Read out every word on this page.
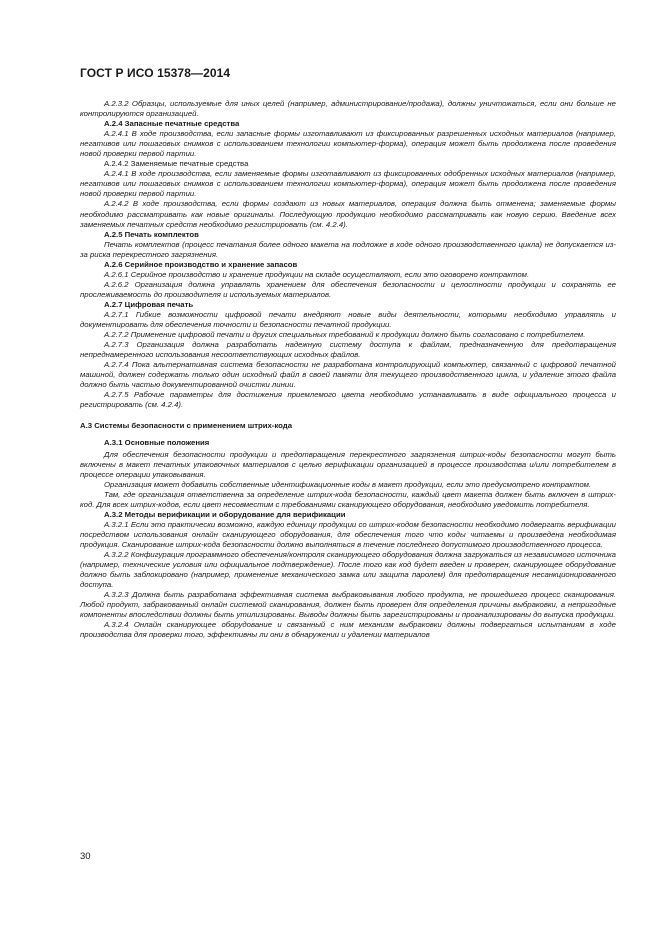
ГОСТ Р ИСО 15378—2014

А.2.3.2 Образцы, используемые для иных целей (например, администрирование/продажа), должны уничтожаться, если они больше не контролируются организацией.

А.2.4 Запасные печатные средства

А.2.4.1 В ходе производства, если запасные формы изготавливают из фиксированных разрешенных исходных материалов (например, негативов или пошаговых снимков с использованием технологии компьютер-форма), операция может быть продолжена после проведения новой проверки первой партии.

А.2.4.2 Заменяемые печатные средства

А.2.4.1 В ходе производства, если заменяемые формы изготавливают из фиксированных одобренных исходных материалов (например, негативов или пошаговых снимков с использованием технологии компьютер-форма), операция может быть продолжена после проведения новой проверки первой партии.

А.2.4.2 В ходе производства, если формы создают из новых материалов, операция должна быть отменена; заменяемые формы необходимо рассматривать как новые оригиналы. Последующую продукцию необходимо рассматривать как новую серию. Введение всех заменяемых печатных средств необходимо регистрировать (см. 4.2.4).

А.2.5 Печать комплектов

Печать комплектов (процесс печатания более одного макета на подложке в ходе одного производственного цикла) не допускается из-за риска перекрестного загрязнения.

А.2.6 Серийное производство и хранение запасов

А.2.6.1 Серийное производство и хранение продукции на складе осуществляют, если это оговорено контрактом.

А.2.6.2 Организация должна управлять хранением для обеспечения безопасности и целостности продукции и сохранять ее прослеживаемость до производителя и используемых материалов.

А.2.7 Цифровая печать

А.2.7.1 Гибкие возможности цифровой печати внедряют новые виды деятельности, которыми необходимо управлять и документировать для обеспечения точности и безопасности печатной продукции.

А.2.7.2 Применение цифровой печати и других специальных требований к продукции должно быть согласовано с потребителем.

А.2.7.3 Организация должна разработать надежную систему доступа к файлам, предназначенную для предотвращения непреднамеренного использования несоответствующих исходных файлов.

А.2.7.4 Пока альтернативная система безопасности не разработана контролирующий компьютер, связанный с цифровой печатной машиной, должен содержать только один исходный файл в своей памяти для текущего производственного цикла, и удаление этого файла должно быть частью документированной очистки линии.

А.2.7.5 Рабочие параметры для достижения приемлемого цвета необходимо устанавливать в виде официального процесса и регистрировать (см. 4.2.4).

А.3 Системы безопасности с применением штрих-кода

А.3.1 Основные положения

Для обеспечения безопасности продукции и предотвращения перекрестного загрязнения штрих-коды безопасности могут быть включены в макет печатных упаковочных материалов с целью верификации организацией в процессе производства и/или потребителем в процессе операции упаковывания.

Организация может добавить собственные идентификационные коды в макет продукции, если это предусмотрено контрактом.

Там, где организация ответственна за определение штрих-кода безопасности, каждый цвет макета должен быть включен в штрих-код. Для всех штрих-кодов, если цвет несовместим с требованиями сканирующего оборудования, необходимо уведомить потребителя.

А.3.2 Методы верификации и оборудование для верификации

А.3.2.1 Если это практически возможно, каждую единицу продукции со штрих-кодом безопасности необходимо подвергать верификации посредством использования онлайн сканирующего оборудования, для обеспечения того что коды читаемы и произведена необходимая продукция. Сканирование штрих-кода безопасности должно выполняться в течение последнего допустимого производственного процесса.

А.3.2.2 Конфигурация программного обеспечения/контроля сканирующего оборудования должна загружаться из независимого источника (например, технические условия или официальное подтверждение). После того как код будет введен и проверен, сканирующее оборудование должно быть заблокировано (например, применение механического замка или защита паролем) для предотвращения несанкционированного доступа.

А.3.2.3 Должна быть разработана эффективная система выбраковывания любого продукта, не прошедшего процесс сканирования. Любой продукт, забракованный онлайн системой сканирования, должен быть проверен для определения причины выбраковки, а непригодные компоненты впоследствии должны быть утилизированы. Выводы должны быть зарегистрированы и проанализированы до выпуска продукции.

А.3.2.4 Онлайн сканирующее оборудование и связанный с ним механизм выбраковки должны подвергаться испытаниям в ходе производства для проверки того, эффективны ли они в обнаружении и удалении материалов

30
